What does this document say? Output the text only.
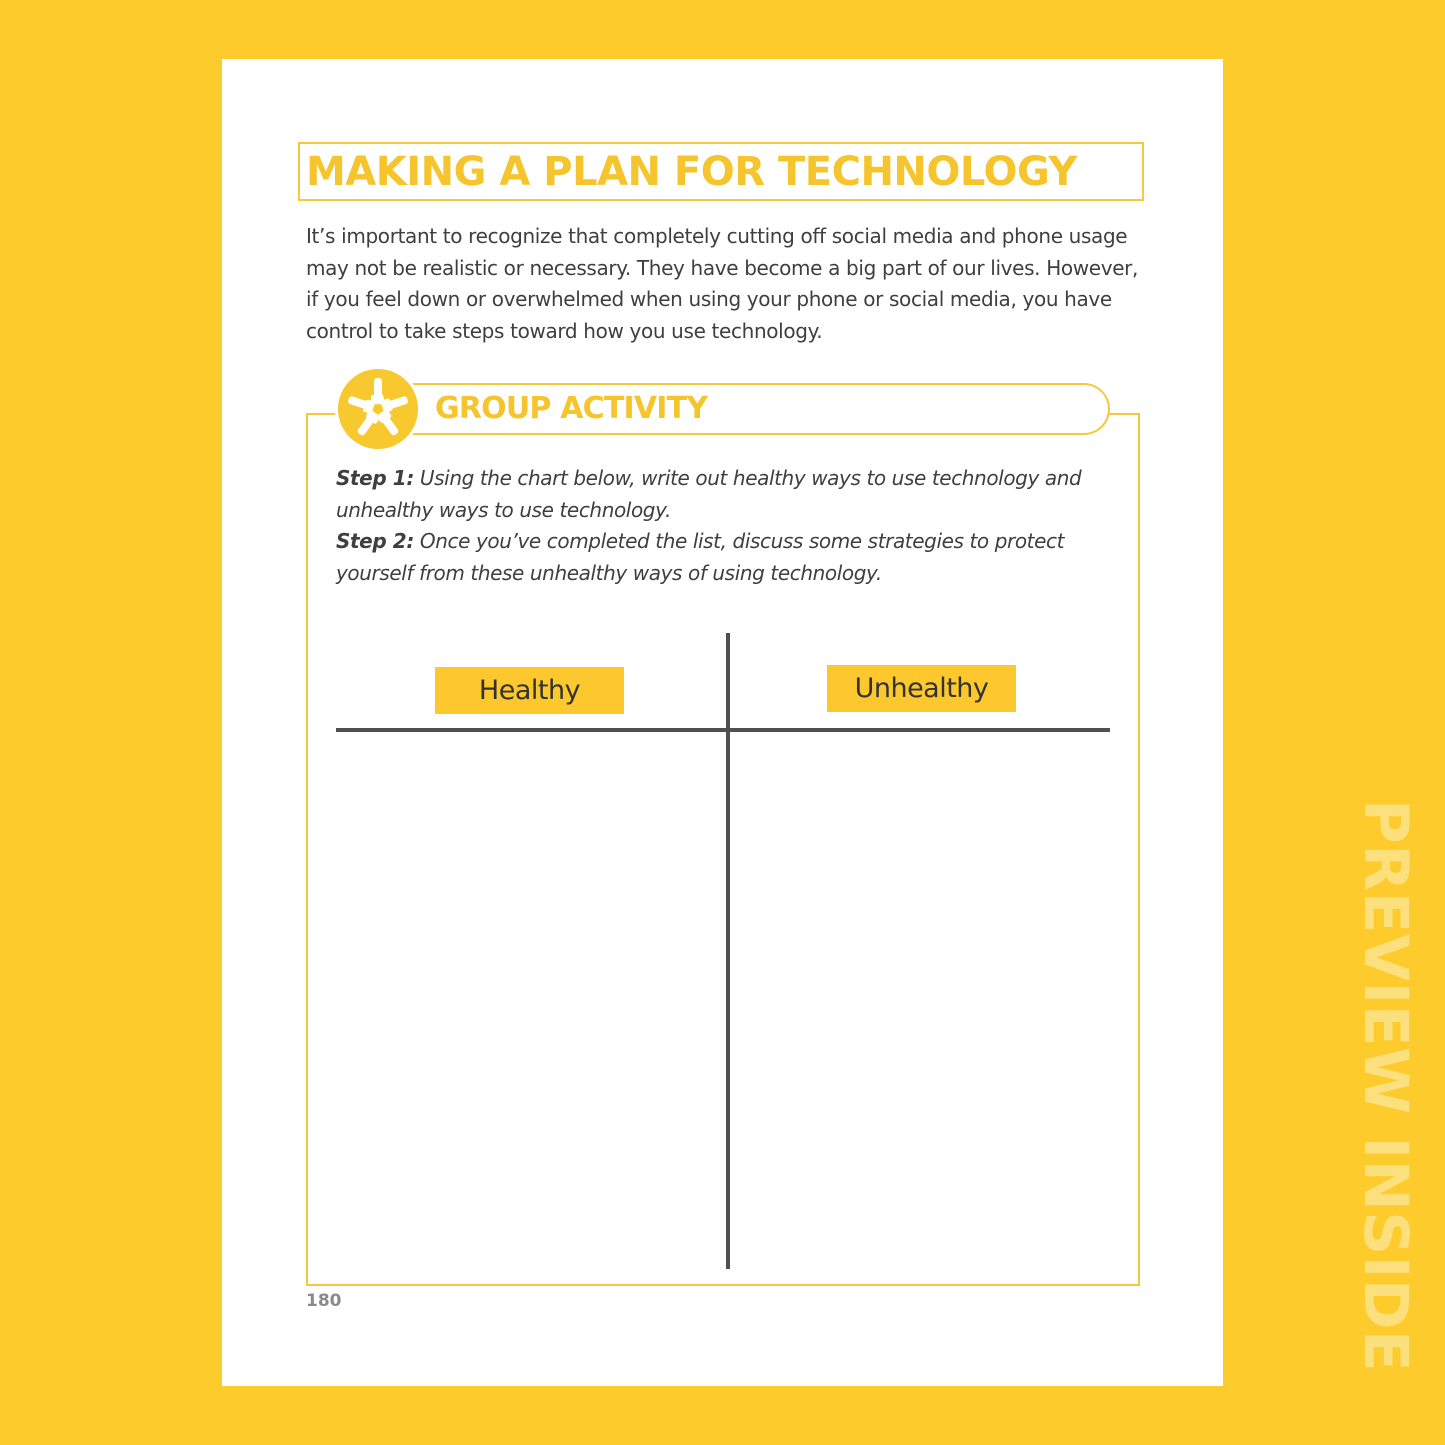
MAKING A PLAN FOR TECHNOLOGY

It’s important to recognize that completely cutting off social media and phone usage may not be realistic or necessary. They have become a big part of our lives. However, if you feel down or overwhelmed when using your phone or social media, you have control to take steps toward how you use technology.

GROUP ACTIVITY

Step 1: Using the chart below, write out healthy ways to use technology and unhealthy ways to use technology.

Step 2: Once you’ve completed the list, discuss some strategies to protect yourself from these unhealthy ways of using technology.

Healthy	Unhealthy
180	PREVIEW INSIDE
